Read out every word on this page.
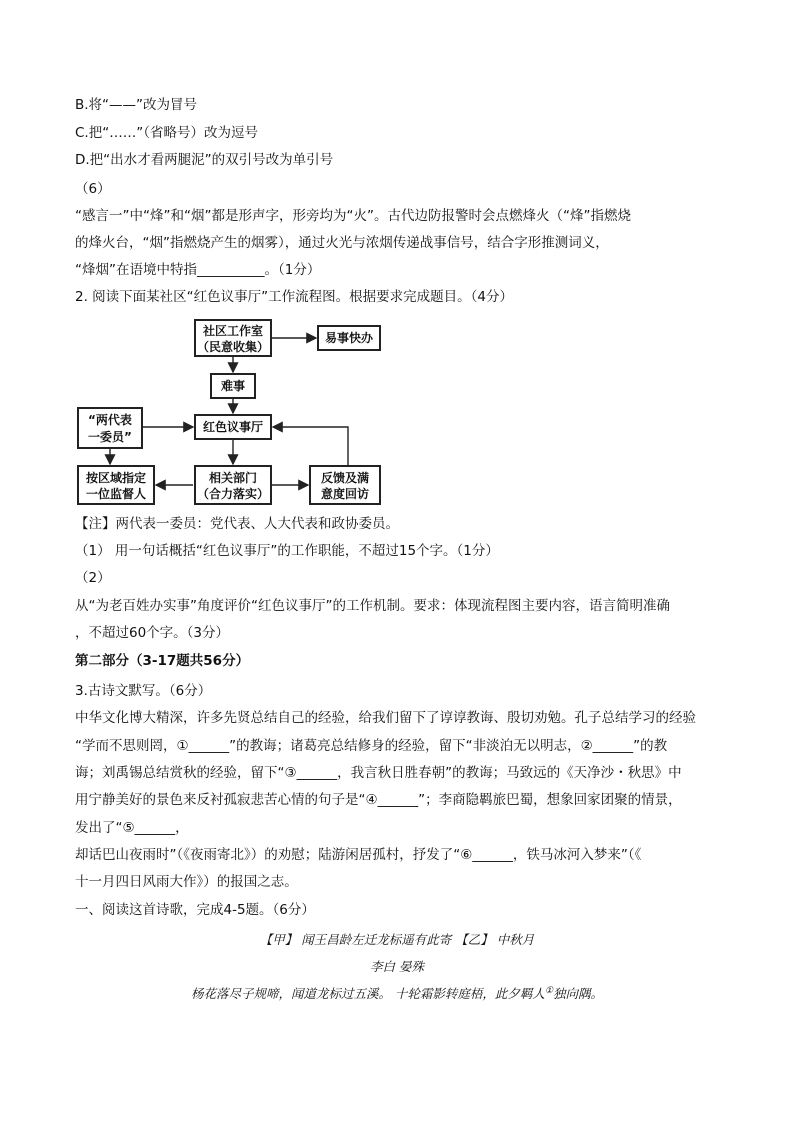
B.将“——”改为冒号
C.把“……”（省略号）改为逗号
D.把“出水才看两腿泥”的双引号改为单引号
（6）
“感言一”中“烽”和“烟”都是形声字，形旁均为“火”。古代边防报警时会点燃烽火（“烽”指燃烧
的烽火台，“烟”指燃烧产生的烟雾），通过火光与浓烟传递战事信号，结合字形推测词义，
“烽烟”在语境中特指__________。（1分）
2. 阅读下面某社区“红色议事厅”工作流程图。根据要求完成题目。（4分）
社区工作室
（民意收集）
易事快办
难事
红色议事厅
“两代表
一委员”
按区域指定
一位监督人
相关部门
（合力落实）
反馈及满
意度回访
【注】两代表一委员：党代表、人大代表和政协委员。
（1） 用一句话概括“红色议事厅”的工作职能，不超过15个字。（1分）
（2）
从“为老百姓办实事”角度评价“红色议事厅”的工作机制。要求：体现流程图主要内容，语言简明准确
，不超过60个字。（3分）
第二部分（3-17题共56分）
3.古诗文默写。（6分）
中华文化博大精深，许多先贤总结自己的经验，给我们留下了谆谆教诲、殷切劝勉。孔子总结学习的经验
“学而不思则罔，①______”的教诲；诸葛亮总结修身的经验，留下“非淡泊无以明志，②______”的教
诲；刘禹锡总结赏秋的经验，留下“③______，我言秋日胜春朝”的教诲；马致远的《天净沙・秋思》中
用宁静美好的景色来反衬孤寂悲苦心情的句子是“④______”；李商隐羁旅巴蜀，想象回家团聚的情景，
发出了“⑤______，
却话巴山夜雨时”（《夜雨寄北》）的劝慰；陆游闲居孤村，抒发了“⑥______，铁马冰河入梦来”（《
十一月四日风雨大作》）的报国之志。
一、阅读这首诗歌，完成4-5题。（6分）
【甲】 闻王昌龄左迁龙标遥有此寄 【乙】 中秋月
李白 晏殊
杨花落尽子规啼，闻道龙标过五溪。 十轮霜影转庭梧，此夕羁人①独向隅。
